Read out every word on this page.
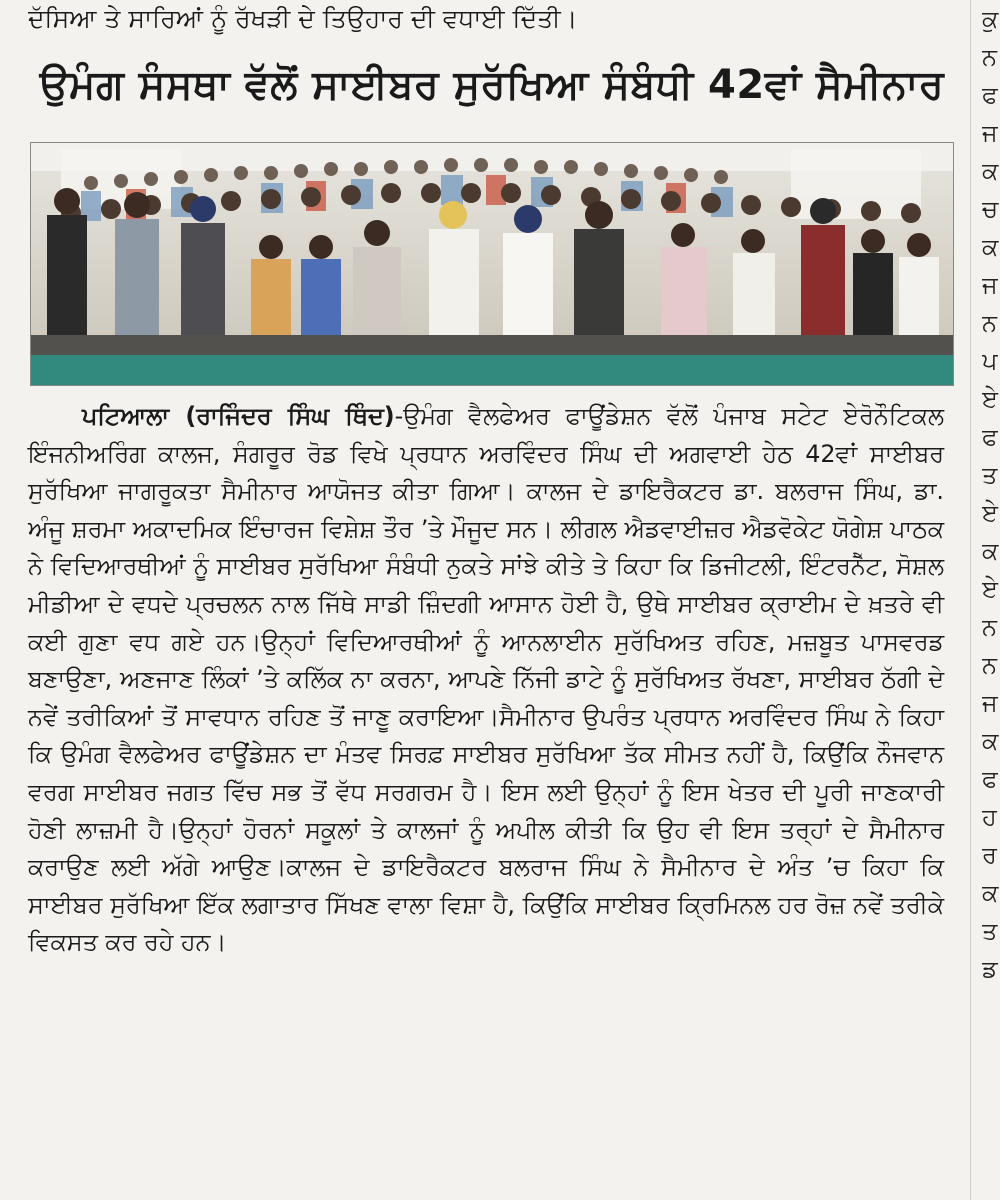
ਦੱਸਿਆ ਤੇ ਸਾਰਿਆਂ ਨੂੰ ਰੱਖੜੀ ਦੇ ਤਿਉਹਾਰ ਦੀ ਵਧਾਈ ਦਿੱਤੀ।
ਉਮੰਗ ਸੰਸਥਾ ਵੱਲੋਂ ਸਾਈਬਰ ਸੁਰੱਖਿਆ ਸੰਬੰਧੀ 42ਵਾਂ ਸੈਮੀਨਾਰ

ਪਟਿਆਲਾ (ਰਾਜਿੰਦਰ ਸਿੰਘ ਥਿੰਦ)-ਉਮੰਗ ਵੈਲਫੇਅਰ ਫਾਊਂਡੇਸ਼ਨ ਵੱਲੋਂ ਪੰਜਾਬ ਸਟੇਟ ਏਰੋਨੌਟਿਕਲ ਇੰਜਨੀਅਰਿੰਗ ਕਾਲਜ, ਸੰਗਰੂਰ ਰੋਡ ਵਿਖੇ ਪ੍ਰਧਾਨ ਅਰਵਿੰਦਰ ਸਿੰਘ ਦੀ ਅਗਵਾਈ ਹੇਠ 42ਵਾਂ ਸਾਈਬਰ ਸੁਰੱਖਿਆ ਜਾਗਰੂਕਤਾ ਸੈਮੀਨਾਰ ਆਯੋਜਤ ਕੀਤਾ ਗਿਆ। ਕਾਲਜ ਦੇ ਡਾਇਰੈਕਟਰ ਡਾ. ਬਲਰਾਜ ਸਿੰਘ, ਡਾ. ਅੰਜੂ ਸ਼ਰਮਾ ਅਕਾਦਮਿਕ ਇੰਚਾਰਜ ਵਿਸ਼ੇਸ਼ ਤੌਰ ’ਤੇ ਮੌਜੂਦ ਸਨ। ਲੀਗਲ ਐਡਵਾਈਜ਼ਰ ਐਡਵੋਕੇਟ ਯੋਗੇਸ਼ ਪਾਠਕ ਨੇ ਵਿਦਿਆਰਥੀਆਂ ਨੂੰ ਸਾਈਬਰ ਸੁਰੱਖਿਆ ਸੰਬੰਧੀ ਨੁਕਤੇ ਸਾਂਝੇ ਕੀਤੇ ਤੇ ਕਿਹਾ ਕਿ ਡਿਜੀਟਲੀ, ਇੰਟਰਨੈੱਟ, ਸੋਸ਼ਲ ਮੀਡੀਆ ਦੇ ਵਧਦੇ ਪ੍ਰਚਲਨ ਨਾਲ ਜਿੱਥੇ ਸਾਡੀ ਜ਼ਿੰਦਗੀ ਆਸਾਨ ਹੋਈ ਹੈ, ਉਥੇ ਸਾਈਬਰ ਕ੍ਰਾਈਮ ਦੇ ਖ਼ਤਰੇ ਵੀ ਕਈ ਗੁਣਾ ਵਧ ਗਏ ਹਨ।ਉਨ੍ਹਾਂ ਵਿਦਿਆਰਥੀਆਂ ਨੂੰ ਆਨਲਾਈਨ ਸੁਰੱਖਿਅਤ ਰਹਿਣ, ਮਜ਼ਬੂਤ ਪਾਸਵਰਡ ਬਣਾਉਣਾ, ਅਣਜਾਣ ਲਿੰਕਾਂ ’ਤੇ ਕਲਿੱਕ ਨਾ ਕਰਨਾ, ਆਪਣੇ ਨਿੱਜੀ ਡਾਟੇ ਨੂੰ ਸੁਰੱਖਿਅਤ ਰੱਖਣਾ, ਸਾਈਬਰ ਠੱਗੀ ਦੇ ਨਵੇਂ ਤਰੀਕਿਆਂ ਤੋਂ ਸਾਵਧਾਨ ਰਹਿਣ ਤੋਂ ਜਾਣੂ ਕਰਾਇਆ।ਸੈਮੀਨਾਰ ਉਪਰੰਤ ਪ੍ਰਧਾਨ ਅਰਵਿੰਦਰ ਸਿੰਘ ਨੇ ਕਿਹਾ ਕਿ ਉਮੰਗ ਵੈਲਫੇਅਰ ਫਾਊਂਡੇਸ਼ਨ ਦਾ ਮੰਤਵ ਸਿਰਫ਼ ਸਾਈਬਰ ਸੁਰੱਖਿਆ ਤੱਕ ਸੀਮਤ ਨਹੀਂ ਹੈ, ਕਿਉਂਕਿ ਨੌਜਵਾਨ ਵਰਗ ਸਾਈਬਰ ਜਗਤ ਵਿੱਚ ਸਭ ਤੋਂ ਵੱਧ ਸਰਗਰਮ ਹੈ। ਇਸ ਲਈ ਉਨ੍ਹਾਂ ਨੂੰ ਇਸ ਖੇਤਰ ਦੀ ਪੂਰੀ ਜਾਣਕਾਰੀ ਹੋਣੀ ਲਾਜ਼ਮੀ ਹੈ।ਉਨ੍ਹਾਂ ਹੋਰਨਾਂ ਸਕੂਲਾਂ ਤੇ ਕਾਲਜਾਂ ਨੂੰ ਅਪੀਲ ਕੀਤੀ ਕਿ ਉਹ ਵੀ ਇਸ ਤਰ੍ਹਾਂ ਦੇ ਸੈਮੀਨਾਰ ਕਰਾਉਣ ਲਈ ਅੱਗੇ ਆਉਣ।ਕਾਲਜ ਦੇ ਡਾਇਰੈਕਟਰ ਬਲਰਾਜ ਸਿੰਘ ਨੇ ਸੈਮੀਨਾਰ ਦੇ ਅੰਤ ’ਚ ਕਿਹਾ ਕਿ ਸਾਈਬਰ ਸੁਰੱਖਿਆ ਇੱਕ ਲਗਾਤਾਰ ਸਿੱਖਣ ਵਾਲਾ ਵਿਸ਼ਾ ਹੈ, ਕਿਉਂਕਿ ਸਾਈਬਰ ਕ੍ਰਿਮਿਨਲ ਹਰ ਰੋਜ਼ ਨਵੇਂ ਤਰੀਕੇ ਵਿਕਸਤ ਕਰ ਰਹੇ ਹਨ।

ਕੁ
ਨ
ਫ
ਜ
ਕ
ਚ
ਕ
ਜ
ਨ
ਪ
ਏ
ਫ
ਤ
ਏ
ਕ
ਏ
ਨ
ਨ
ਜ
ਕ
ਫ
ਹ
ਰ
ਕ
ਤ
ਡ
